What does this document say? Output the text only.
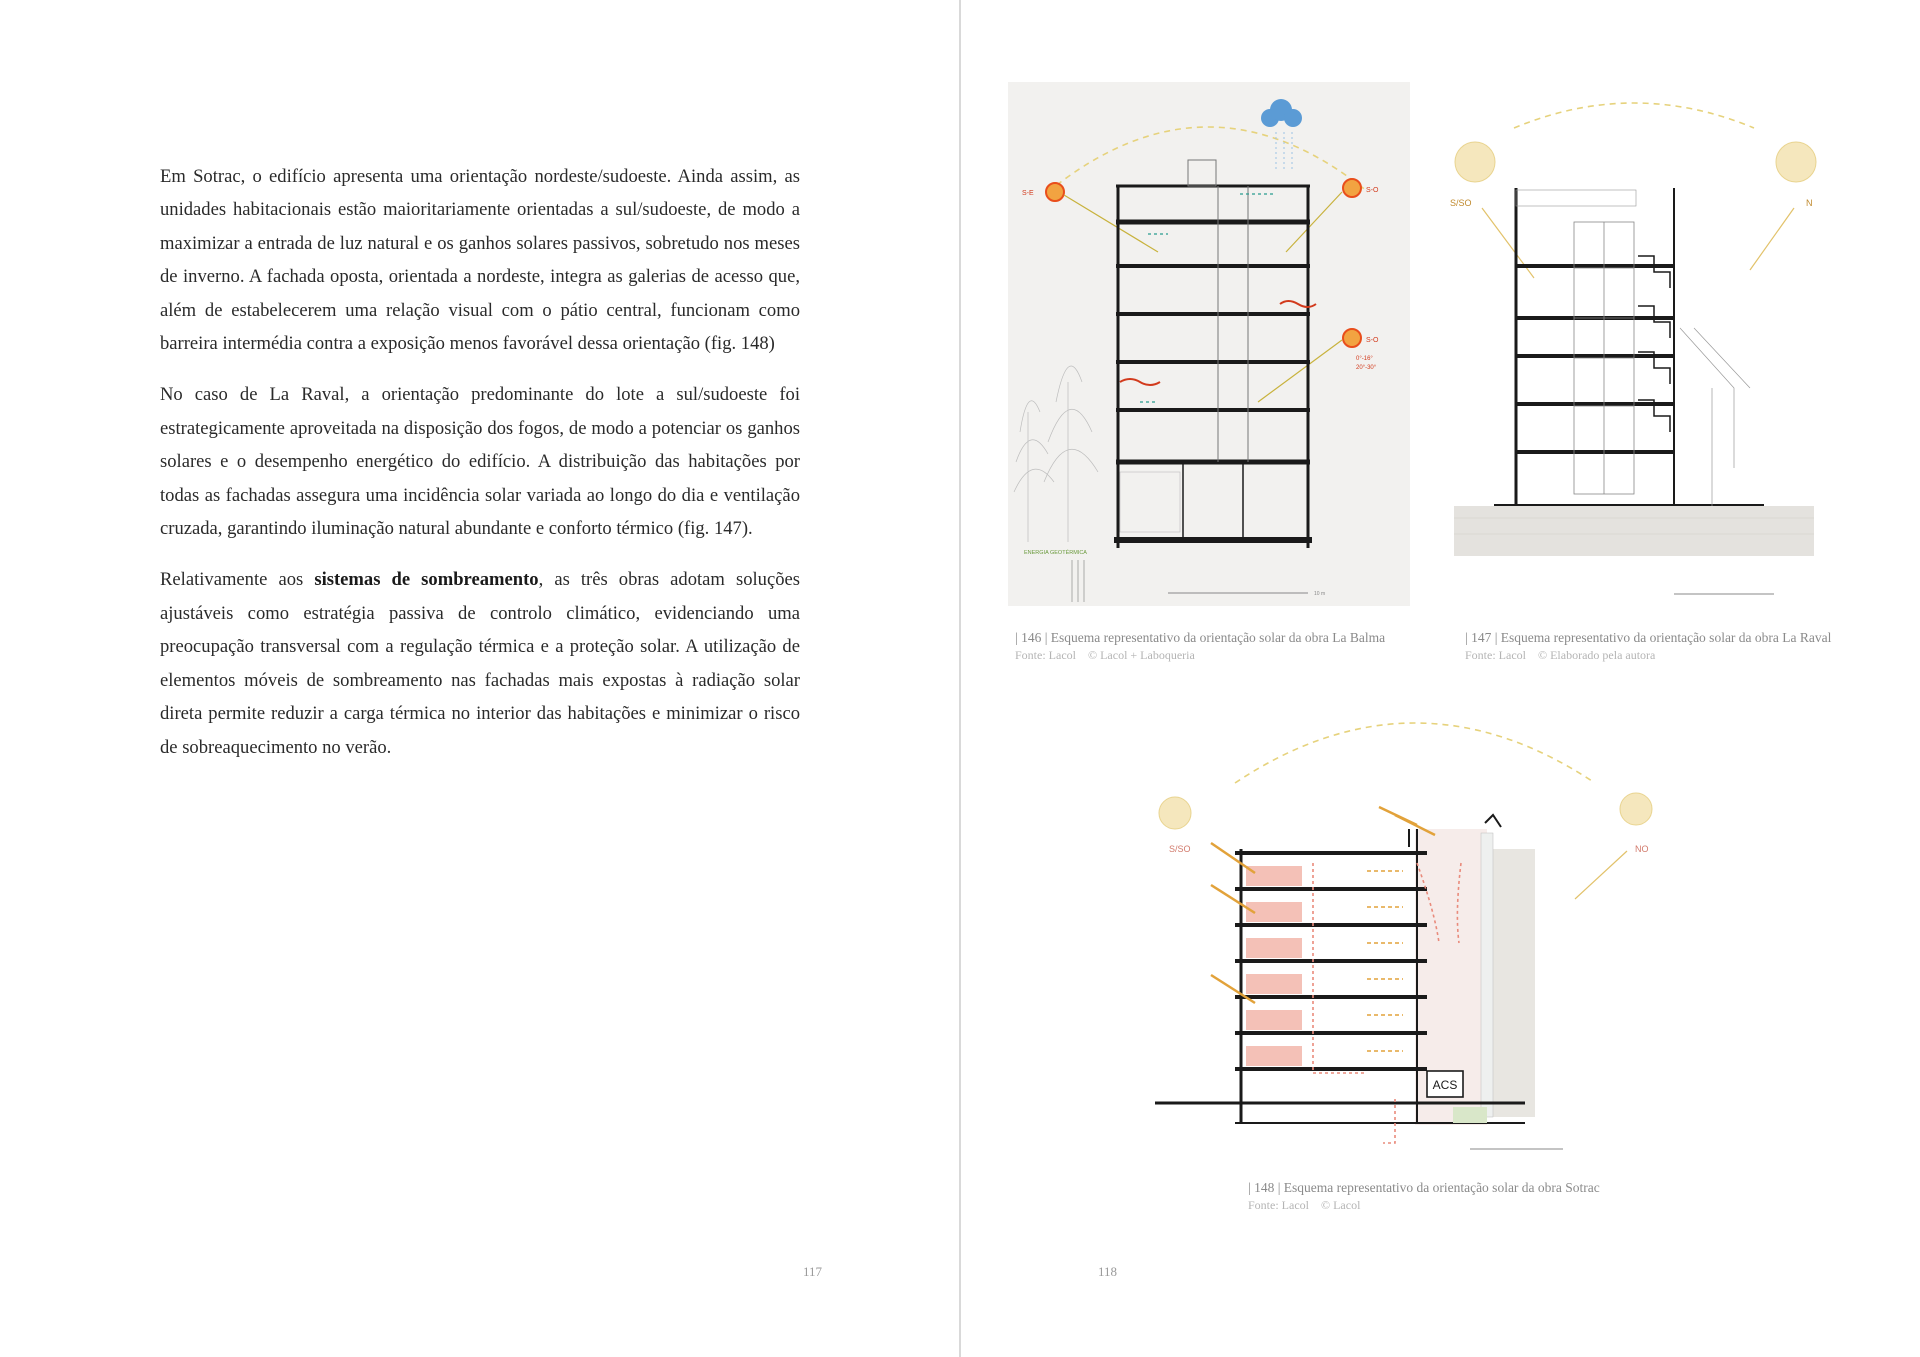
Em Sotrac, o edifício apresenta uma orientação nordeste/sudoeste. Ainda assim, as unidades habitacionais estão maioritariamente orientadas a sul/sudoeste, de modo a maximizar a entrada de luz natural e os ganhos solares passivos, sobretudo nos meses de inverno. A fachada oposta, orientada a nordeste, integra as galerias de acesso que, além de estabelecerem uma relação visual com o pátio central, funcionam como barreira intermédia contra a exposição menos favorável dessa orientação (fig. 148)

No caso de La Raval, a orientação predominante do lote a sul/sudoeste foi estrategicamente aproveitada na disposição dos fogos, de modo a potenciar os ganhos solares e o desempenho energético do edifício. A distribuição das habitações por todas as fachadas assegura uma incidência solar variada ao longo do dia e ventilação cruzada, garantindo iluminação natural abundante e conforto térmico (fig. 147).

Relativamente aos sistemas de sombreamento, as três obras adotam soluções ajustáveis como estratégia passiva de controlo climático, evidenciando uma preocupação transversal com a regulação térmica e a proteção solar. A utilização de elementos móveis de sombreamento nas fachadas mais expostas à radiação solar direta permite reduzir a carga térmica no interior das habitações e minimizar o risco de sobreaquecimento no verão.

117
S-E	S-O
S-O
0°-16°
20°-30°
ENERGIA GEOTÉRMICA
10 m
| 146 | Esquema representativo da orientação solar da obra La Balma
Fonte: Lacol © Lacol + Laboqueria
S/SO	N
| 147 | Esquema representativo da orientação solar da obra La Raval
Fonte: Lacol © Elaborado pela autora
S/SO	NO
ACS
| 148 | Esquema representativo da orientação solar da obra Sotrac
Fonte: Lacol © Lacol
118
